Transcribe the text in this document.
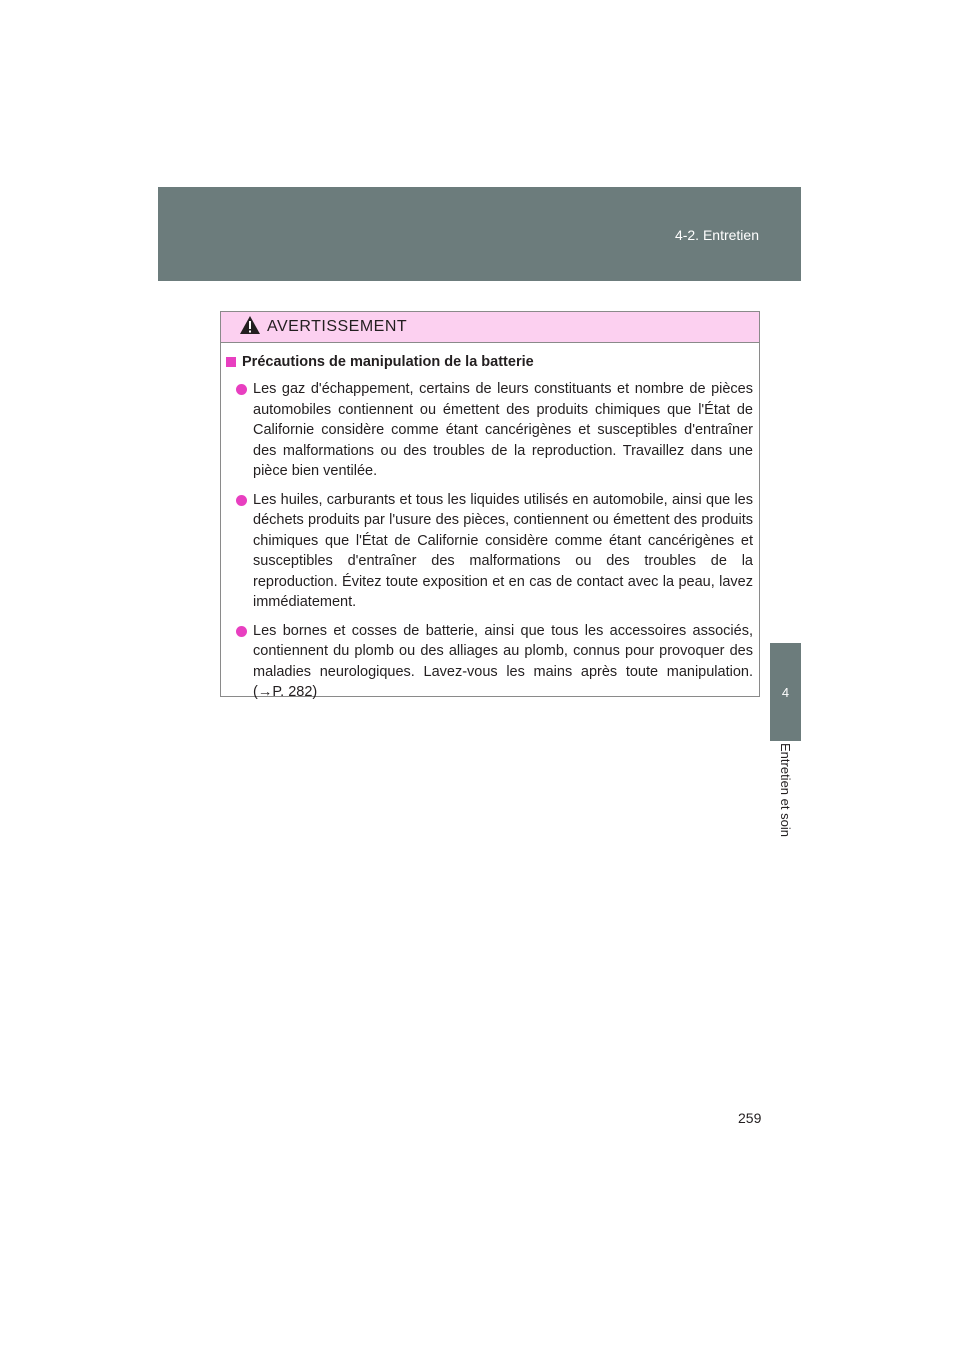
4-2. Entretien
4
Entretien et soin
AVERTISSEMENT
Précautions de manipulation de la batterie
Les gaz d'échappement, certains de leurs constituants et nombre de pièces automobiles contiennent ou émettent des produits chimiques que l'État de Californie considère comme étant cancérigènes et susceptibles d'entraîner des malformations ou des troubles de la reproduction. Travaillez dans une pièce bien ventilée.
Les huiles, carburants et tous les liquides utilisés en automobile, ainsi que les déchets produits par l'usure des pièces, contiennent ou émettent des produits chimiques que l'État de Californie considère comme étant cancérigènes et susceptibles d'entraîner des malformations ou des troubles de la reproduction. Évitez toute exposition et en cas de contact avec la peau, lavez immédiatement.
Les bornes et cosses de batterie, ainsi que tous les accessoires associés, contiennent du plomb ou des alliages au plomb, connus pour provoquer des maladies neurologiques. Lavez-vous les mains après toute manipulation. (→P. 282)
259
